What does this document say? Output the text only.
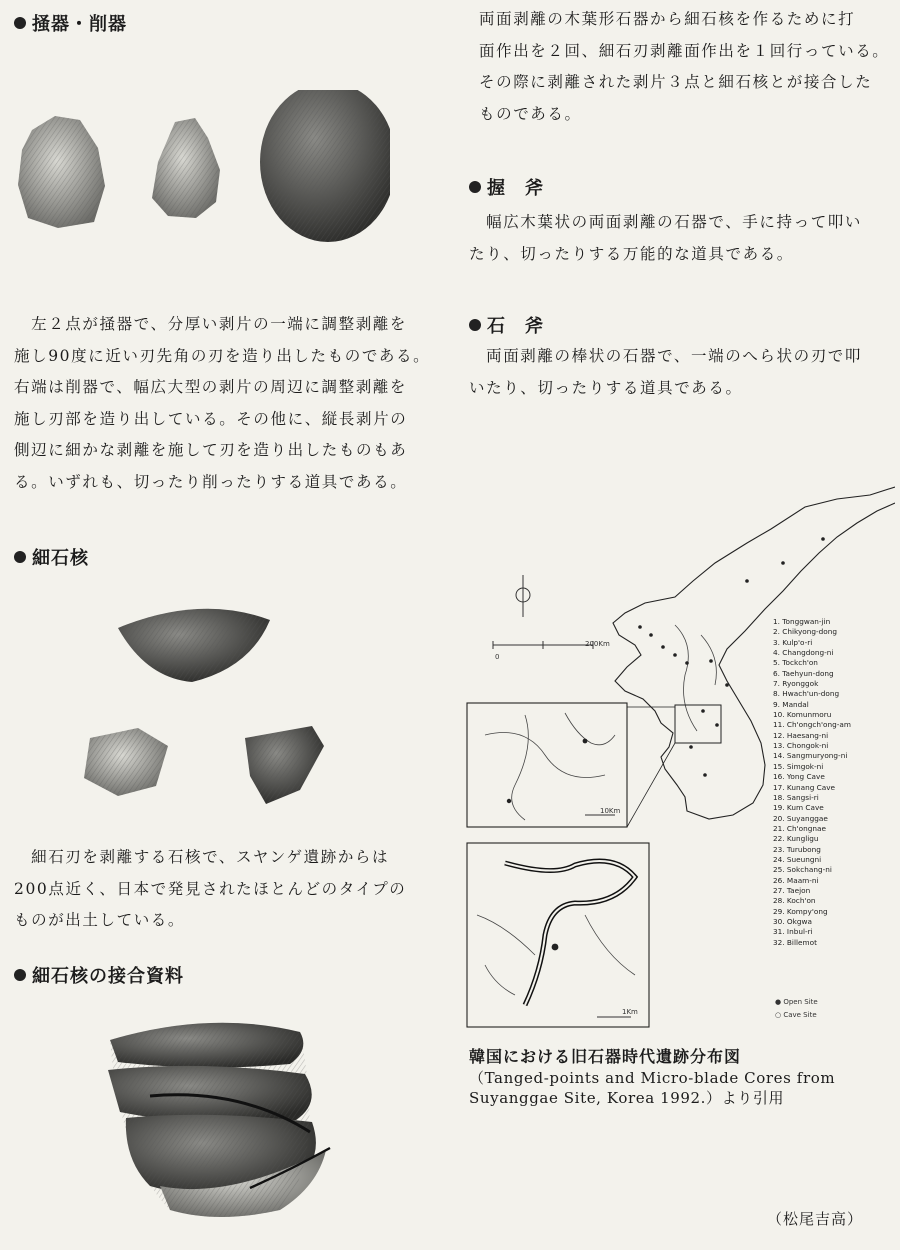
掻器・削器
　左２点が掻器で、分厚い剥片の一端に調整剥離を
施し90度に近い刃先角の刃を造り出したものである。
右端は削器で、幅広大型の剥片の周辺に調整剥離を
施し刃部を造り出している。その他に、縦長剥片の
側辺に細かな剥離を施して刃を造り出したものもあ
る。いずれも、切ったり削ったりする道具である。
細石核
　細石刃を剥離する石核で、スヤンゲ遺跡からは
200点近く、日本で発見されたほとんどのタイプの
ものが出土している。
細石核の接合資料
両面剥離の木葉形石器から細石核を作るために打
面作出を２回、細石刃剥離面作出を１回行っている。
その際に剥離された剥片３点と細石核とが接合した
ものである。
握　斧
　幅広木葉状の両面剥離の石器で、手に持って叩い
たり、切ったりする万能的な道具である。
石　斧
　両面剥離の棒状の石器で、一端のへら状の刃で叩
いたり、切ったりする道具である。
0
200Km
10Km
1Km
● Open Site
○ Cave Site
1. Tonggwan-jin
2. Chikyong-dong
3. Kulp'o-ri
4. Changdong-ni
5. Tockch'on
6. Taehyun-dong
7. Ryonggok
8. Hwach'un-dong
9. Mandal
10. Komunmoru
11. Ch'ongch'ong-am
12. Haesang-ni
13. Chongok-ni
14. Sangmuryong-ni
15. Simgok-ni
16. Yong Cave
17. Kunang Cave
18. Sangsi-ri
19. Kum Cave
20. Suyanggae
21. Ch'ongnae
22. Kungligu
23. Turubong
24. Sueungni
25. Sokchang-ni
26. Maam-ni
27. Taejon
28. Koch'on
29. Kompy'ong
30. Okgwa
31. Inbul-ri
32. Billemot
韓国における旧石器時代遺跡分布図
（Tanged-points and Micro-blade Cores from
Suyanggae Site, Korea 1992.）より引用
（松尾吉高）
